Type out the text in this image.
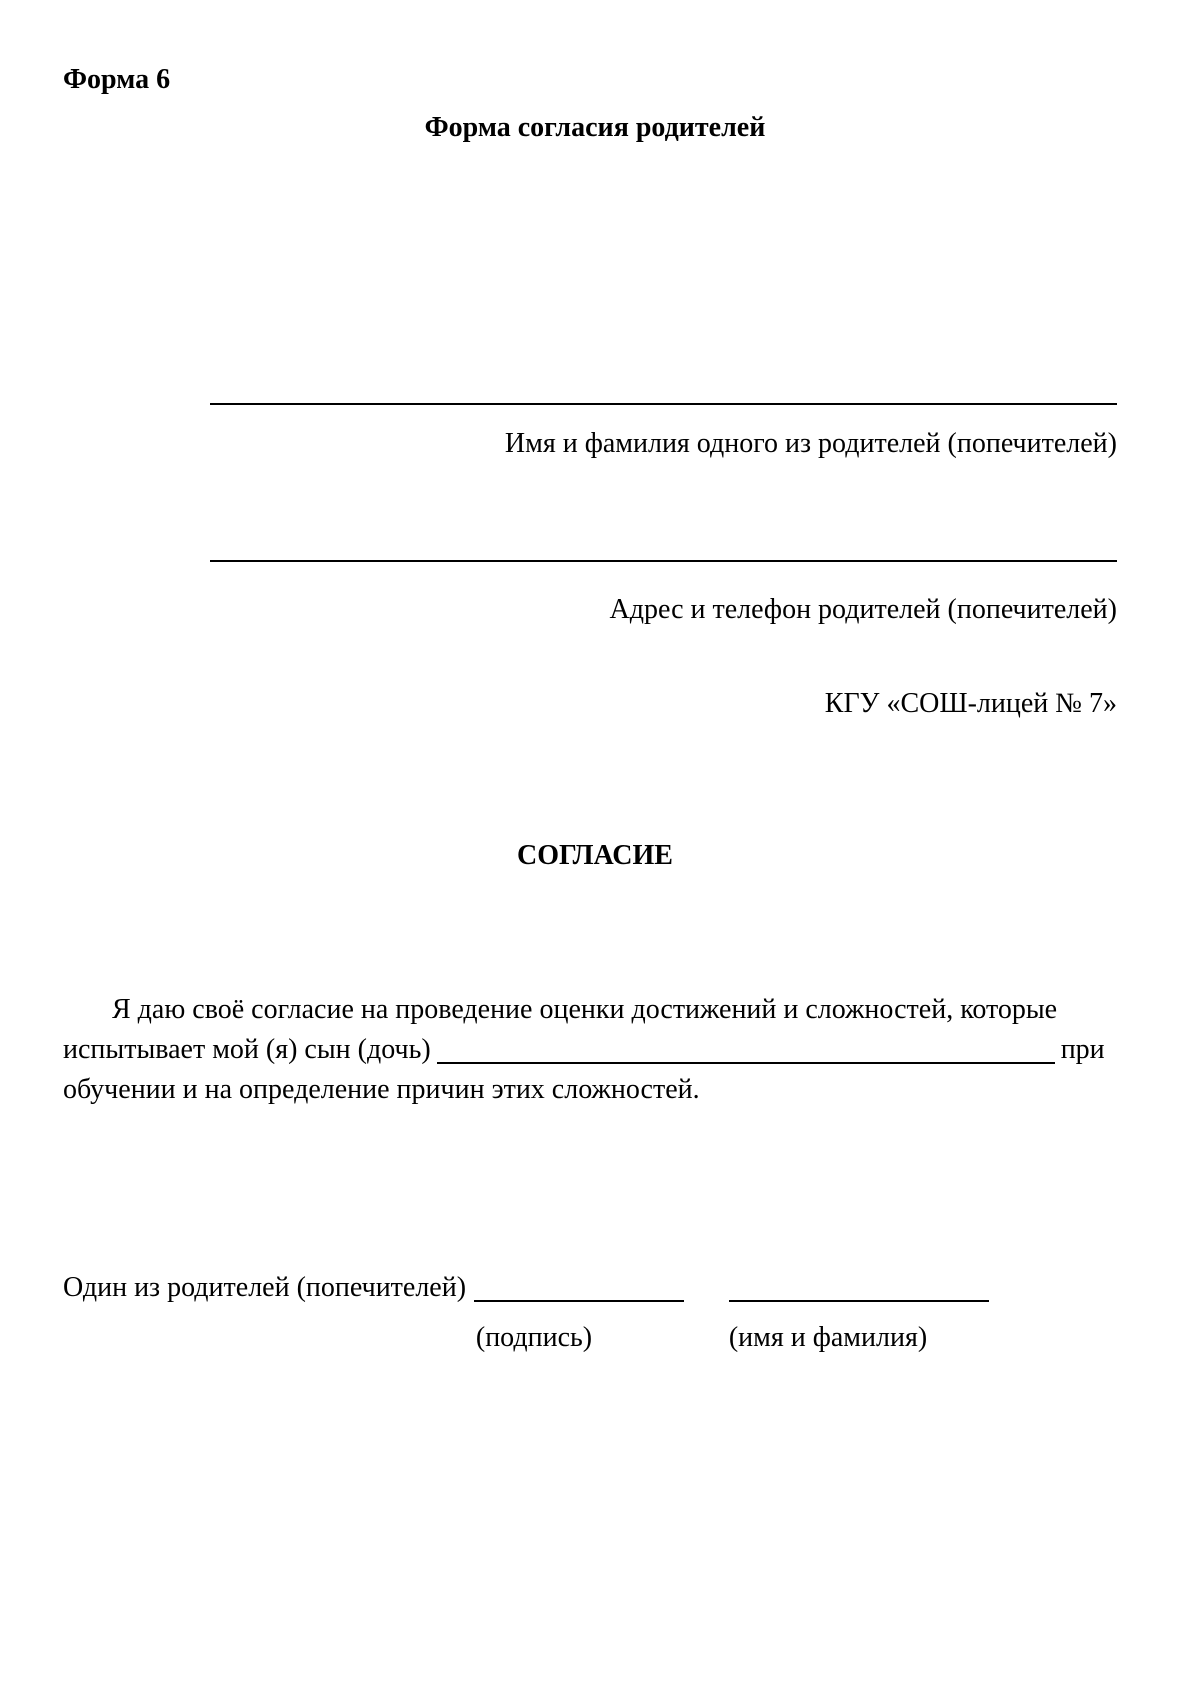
Форма 6
Форма согласия родителей
Имя и фамилия одного из родителей (попечителей)
Адрес и телефон родителей (попечителей)
КГУ «СОШ-лицей № 7»
СОГЛАСИЕ
Я даю своё согласие на проведение оценки достижений и сложностей, которые
испытывает мой (я) сын (дочь)	при
обучении и на определение причин этих сложностей.
Один из родителей (попечителей)
(подпись)	(имя и фамилия)
